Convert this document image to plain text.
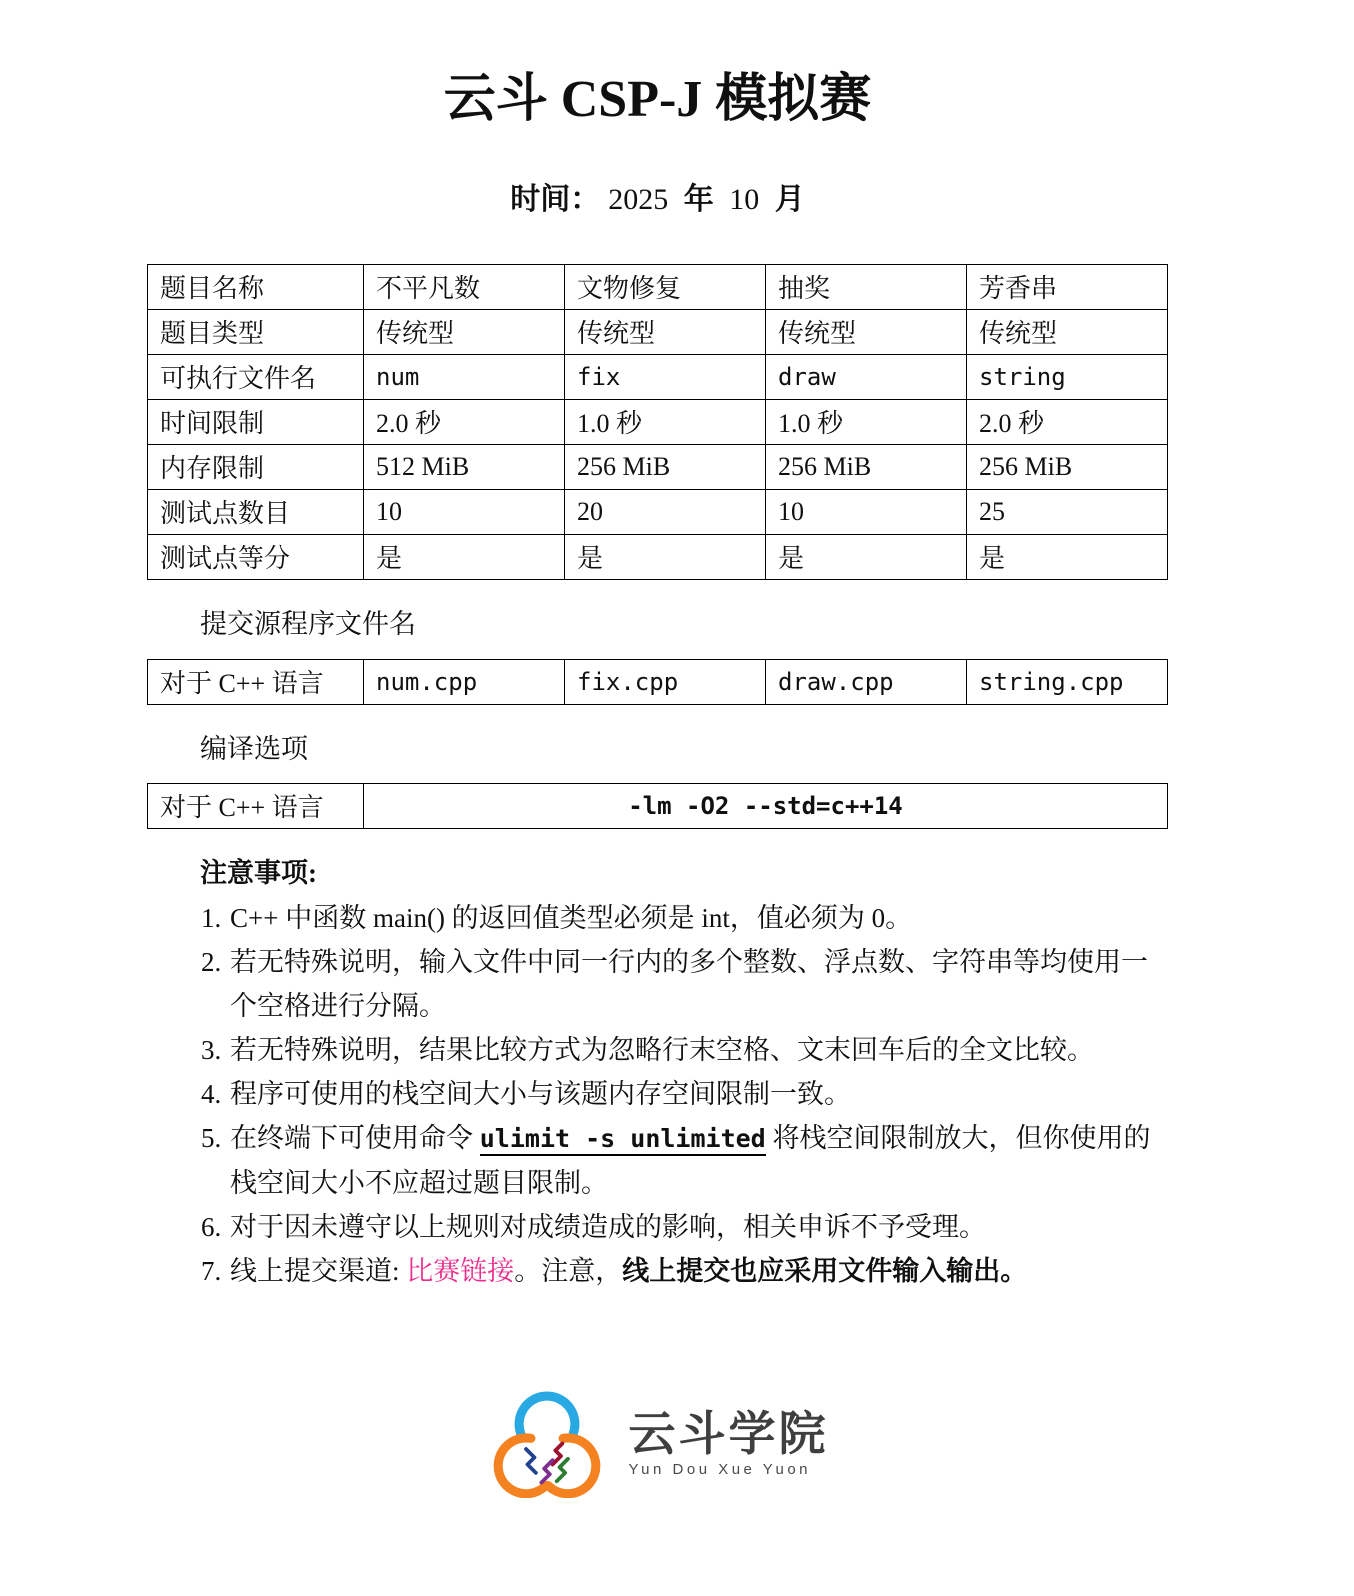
云斗 CSP-J 模拟赛
时间： 2025 年 10 月
题目名称	不平凡数	文物修复	抽奖	芳香串
题目类型	传统型	传统型	传统型	传统型
可执行文件名	num	fix	draw	string
时间限制	2.0 秒	1.0 秒	1.0 秒	2.0 秒
内存限制	512 MiB	256 MiB	256 MiB	256 MiB
测试点数目	10	20	10	25
测试点等分	是	是	是	是
提交源程序文件名
对于 C++ 语言	num.cpp	fix.cpp	draw.cpp	string.cpp
编译选项
对于 C++ 语言	-lm -O2 --std=c++14
注意事项:
1. C++ 中函数 main() 的返回值类型必须是 int，值必须为 0。
2. 若无特殊说明，输入文件中同一行内的多个整数、浮点数、字符串等均使用一个空格进行分隔。
3. 若无特殊说明，结果比较方式为忽略行末空格、文末回车后的全文比较。
4. 程序可使用的栈空间大小与该题内存空间限制一致。
5. 在终端下可使用命令 ulimit -s unlimited 将栈空间限制放大，但你使用的栈空间大小不应超过题目限制。
6. 对于因未遵守以上规则对成绩造成的影响，相关申诉不予受理。
7. 线上提交渠道: 比赛链接。注意，线上提交也应采用文件输入输出。
云斗学院
Yun Dou Xue Yuon
